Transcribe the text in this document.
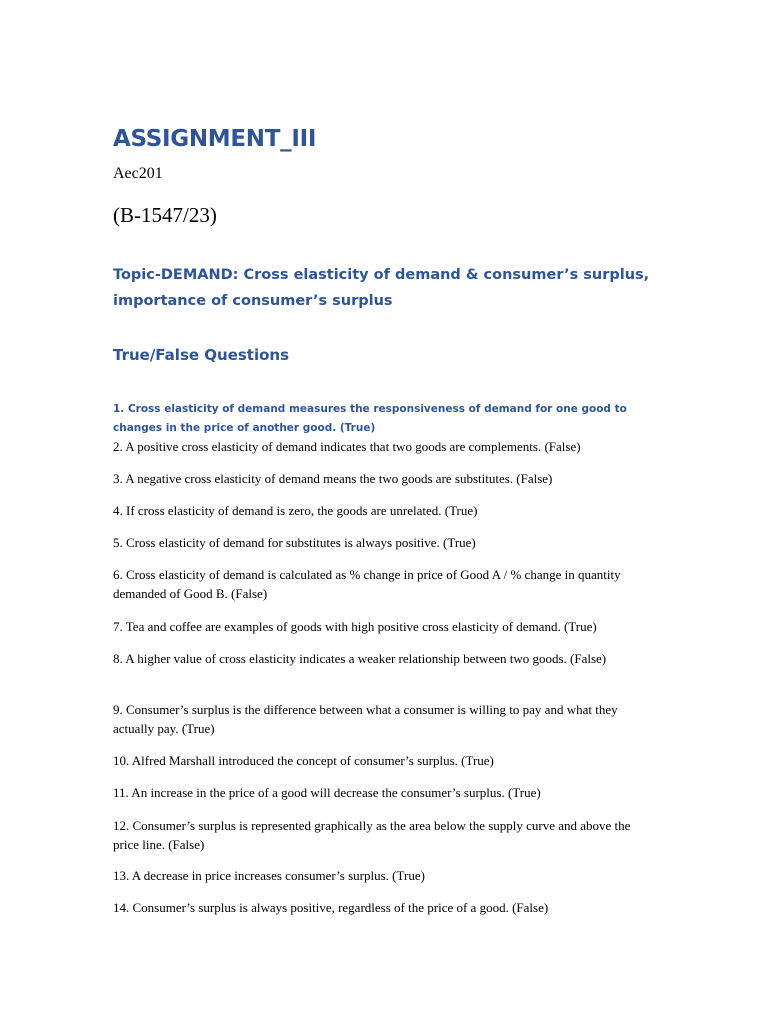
ASSIGNMENT_III
Aec201
(B-1547/23)
Topic-DEMAND: Cross elasticity of demand & consumer’s surplus, importance of consumer’s surplus
True/False Questions
1. Cross elasticity of demand measures the responsiveness of demand for one good to changes in the price of another good. (True)
2. A positive cross elasticity of demand indicates that two goods are complements. (False)
3. A negative cross elasticity of demand means the two goods are substitutes. (False)
4. If cross elasticity of demand is zero, the goods are unrelated. (True)
5. Cross elasticity of demand for substitutes is always positive. (True)
6. Cross elasticity of demand is calculated as % change in price of Good A / % change in quantity demanded of Good B. (False)
7. Tea and coffee are examples of goods with high positive cross elasticity of demand. (True)
8. A higher value of cross elasticity indicates a weaker relationship between two goods. (False)
9. Consumer’s surplus is the difference between what a consumer is willing to pay and what they actually pay. (True)
10. Alfred Marshall introduced the concept of consumer’s surplus. (True)
11. An increase in the price of a good will decrease the consumer’s surplus. (True)
12. Consumer’s surplus is represented graphically as the area below the supply curve and above the price line. (False)
13. A decrease in price increases consumer’s surplus. (True)
14. Consumer’s surplus is always positive, regardless of the price of a good. (False)
